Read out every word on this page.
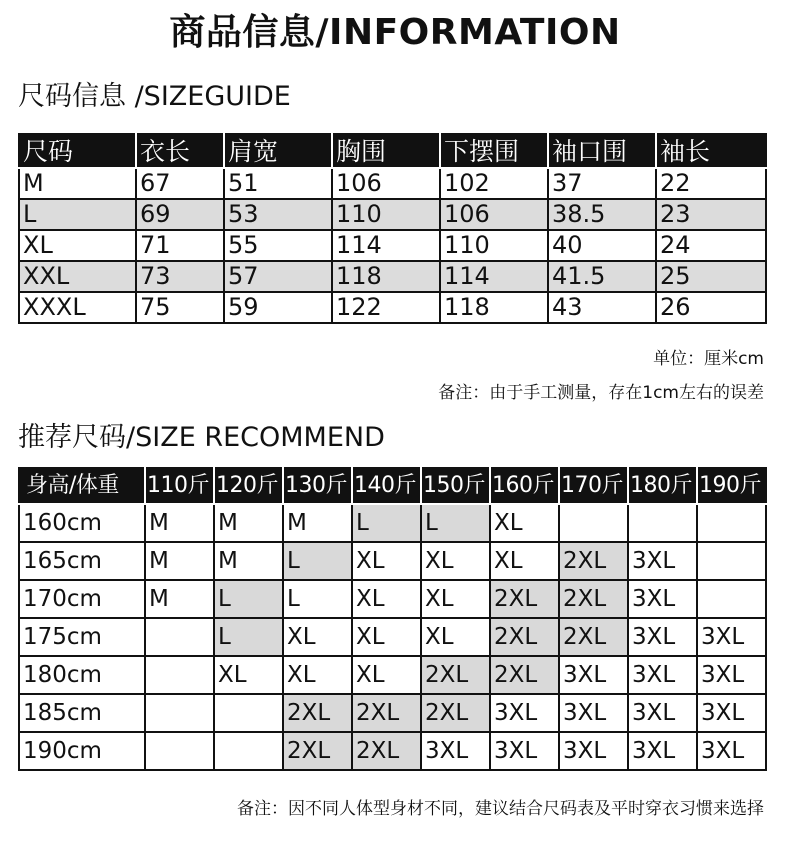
商品信息/INFORMATION
尺码信息 /SIZEGUIDE
尺码	衣长	肩宽	胸围	下摆围	袖口围	袖长
M	67	51	106	102	37	22
L	69	53	110	106	38.5	23
XL	71	55	114	110	40	24
XXL	73	57	118	114	41.5	25
XXXL	75	59	122	118	43	26
单位：厘米cm
备注：由于手工测量，存在1cm左右的误差
推荐尺码/SIZE RECOMMEND
身高/体重	110斤	120斤	130斤	140斤	150斤	160斤	170斤	180斤	190斤
160cm	M	M	M	L	L	XL			
165cm	M	M	L	XL	XL	XL	2XL	3XL	
170cm	M	L	L	XL	XL	2XL	2XL	3XL	
175cm		L	XL	XL	XL	2XL	2XL	3XL	3XL
180cm		XL	XL	XL	2XL	2XL	3XL	3XL	3XL
185cm			2XL	2XL	2XL	3XL	3XL	3XL	3XL
190cm			2XL	2XL	3XL	3XL	3XL	3XL	3XL
备注：因不同人体型身材不同，建议结合尺码表及平时穿衣习惯来选择
